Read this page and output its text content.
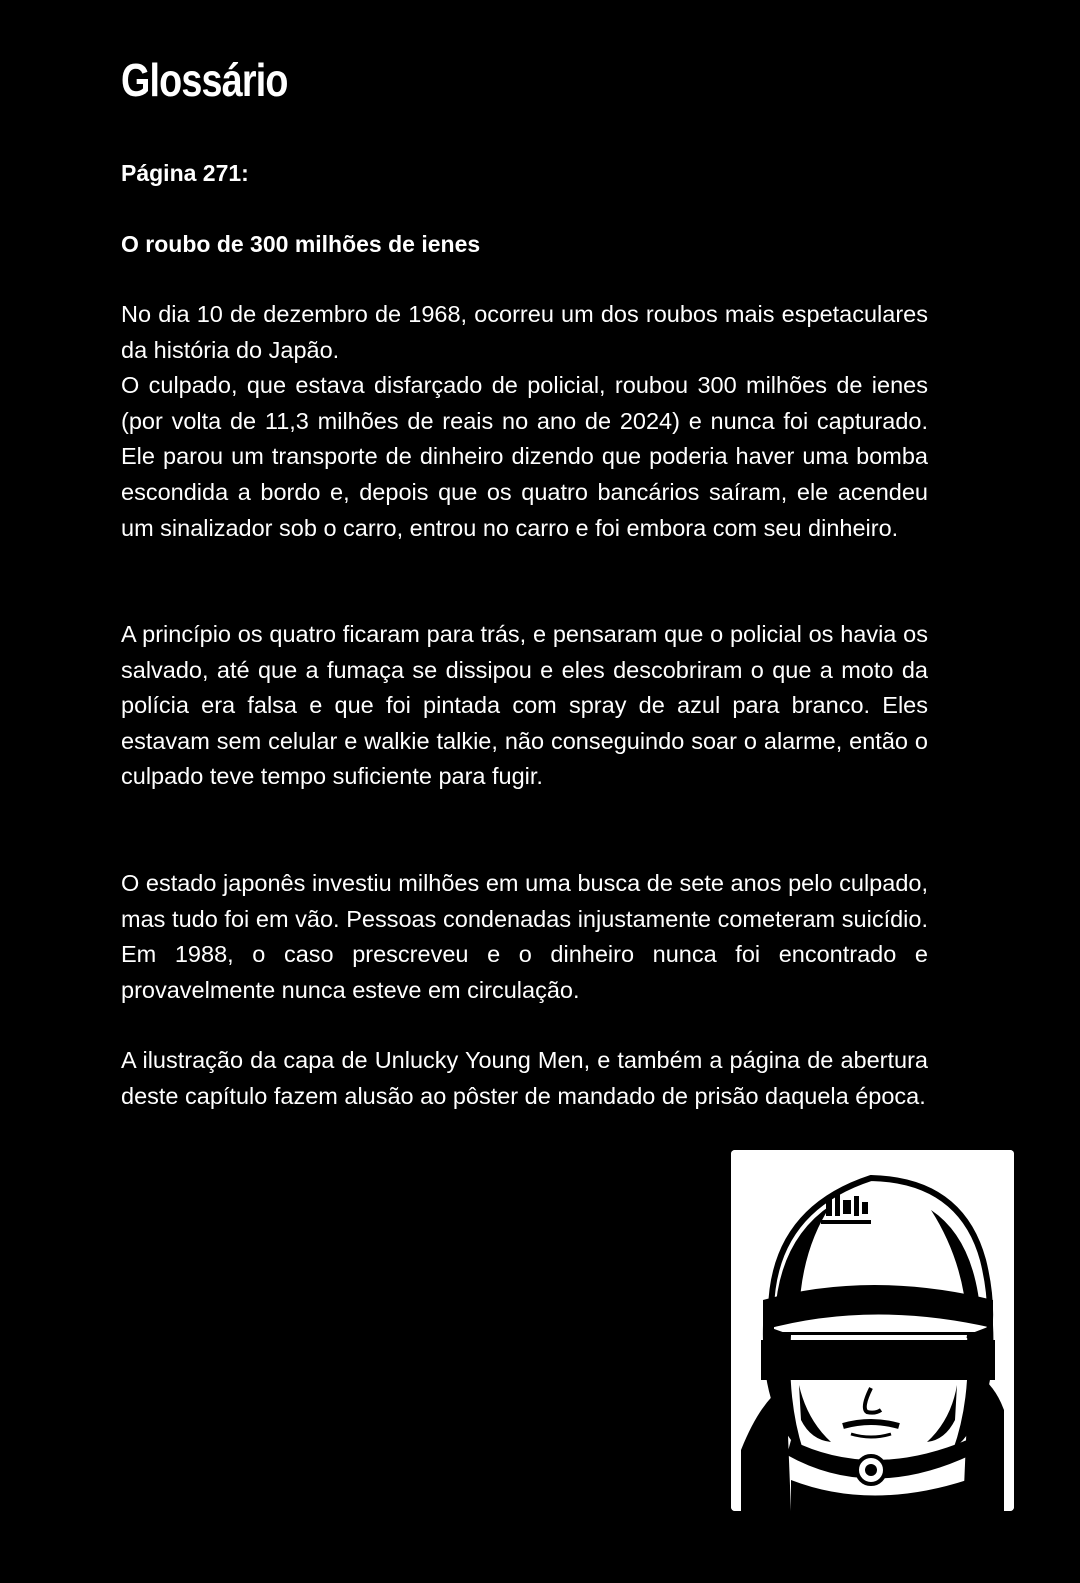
Glossário

Página 271:

O roubo de 300 milhões de ienes

No dia 10 de dezembro de 1968, ocorreu um dos roubos mais espetaculares da história do Japão.
O culpado, que estava disfarçado de policial, roubou 300 milhões de ienes (por volta de 11,3 milhões de reais no ano de 2024) e nunca foi capturado. Ele parou um transporte de dinheiro dizendo que poderia haver uma bomba escondida a bordo e, depois que os quatro bancários saíram, ele acendeu um sinalizador sob o carro, entrou no carro e foi embora com seu dinheiro.
A princípio os quatro ficaram para trás, e pensaram que o policial os havia os salvado, até que a fumaça se dissipou e eles descobriram o que a moto da polícia era falsa e que foi pintada com spray de azul para branco. Eles estavam sem celular e walkie talkie, não conseguindo soar o alarme, então o culpado teve tempo suficiente para fugir.
O estado japonês investiu milhões em uma busca de sete anos pelo culpado, mas tudo foi em vão. Pessoas condenadas injustamente cometeram suicídio. Em 1988, o caso prescreveu e o dinheiro nunca foi encontrado e provavelmente nunca esteve em circulação.
A ilustração da capa de Unlucky Young Men, e também a página de abertura deste capítulo fazem alusão ao pôster de mandado de prisão daquela época.
